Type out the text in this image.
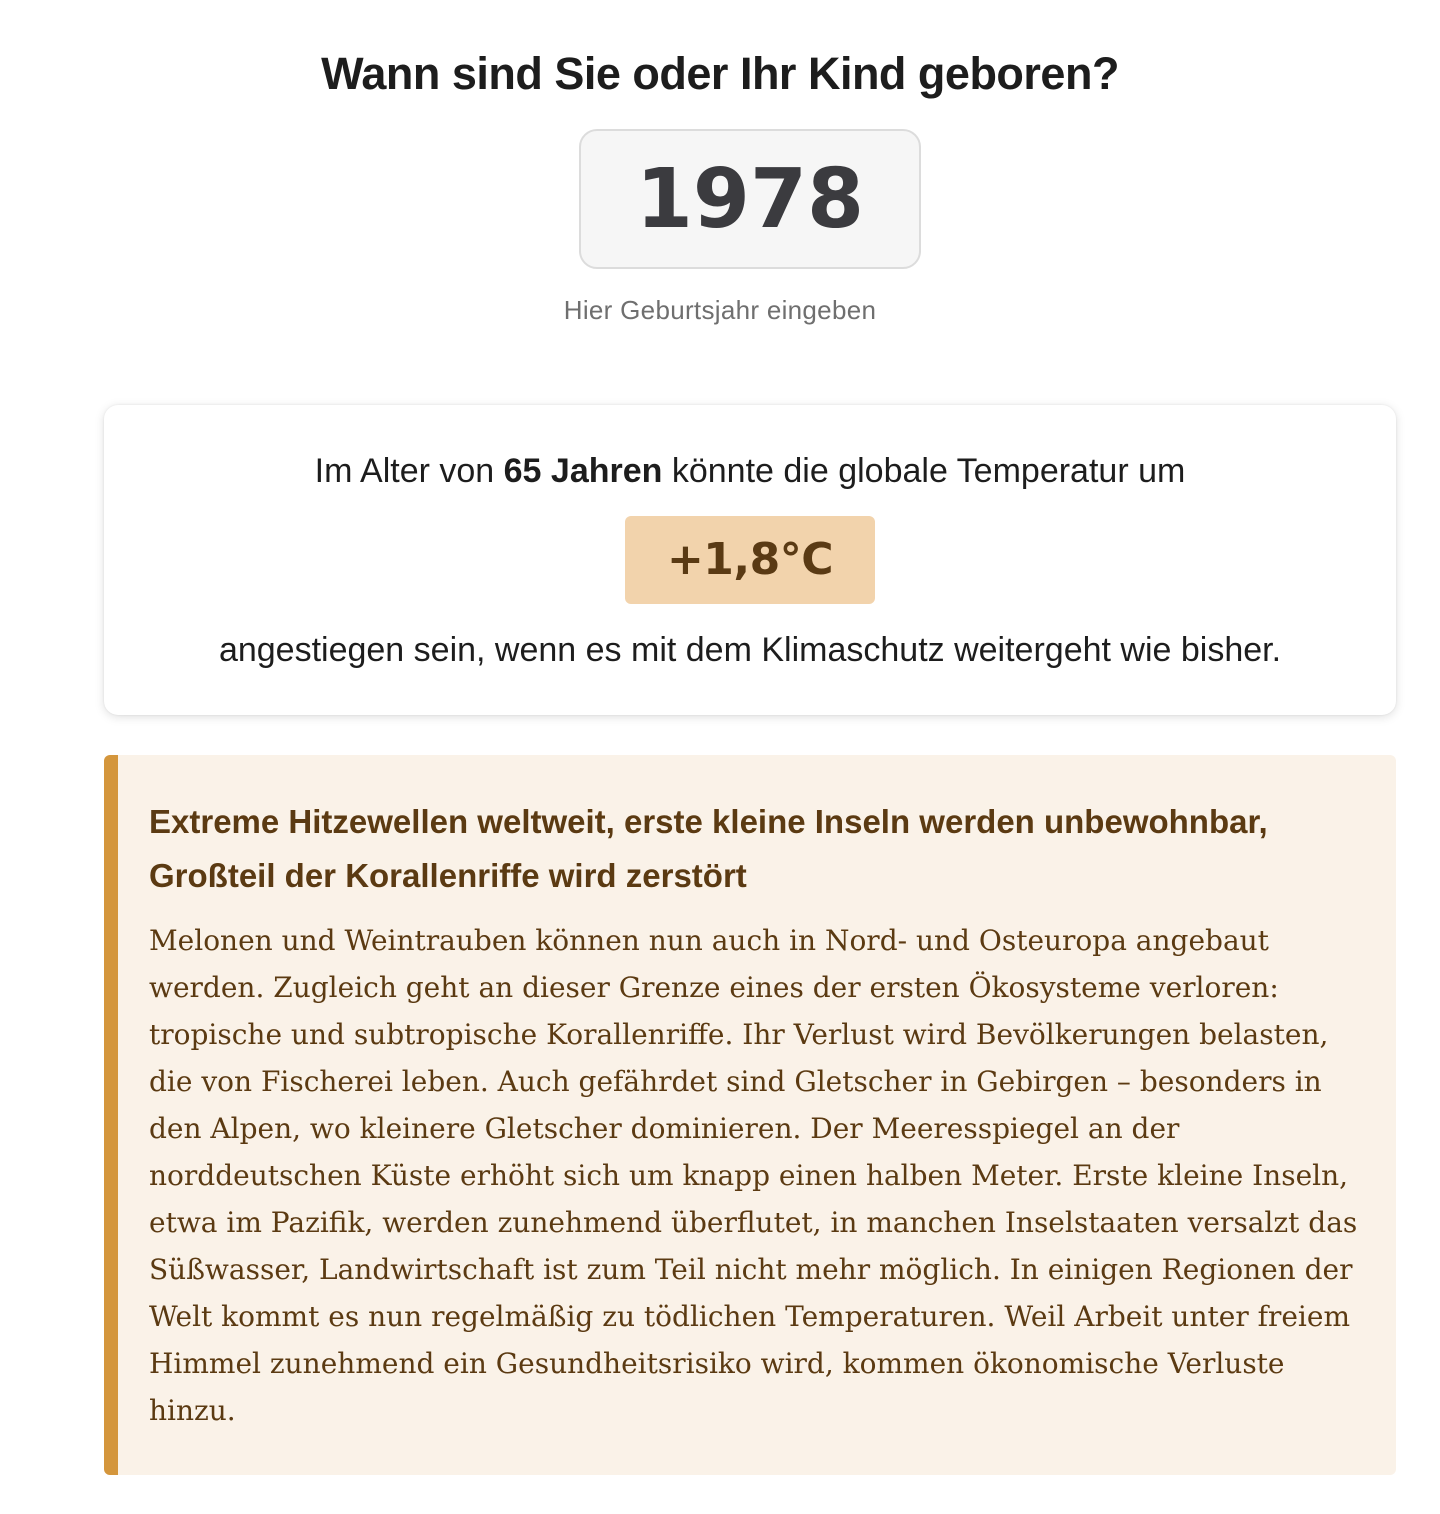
Wann sind Sie oder Ihr Kind geboren?
1978
Hier Geburtsjahr eingeben
Im Alter von 65 Jahren könnte die globale Temperatur um
+1,8°C
angestiegen sein, wenn es mit dem Klimaschutz weitergeht wie bisher.
Extreme Hitzewellen weltweit, erste kleine Inseln werden unbewohnbar, Großteil der Korallenriffe wird zerstört

Melonen und Weintrauben können nun auch in Nord- und Osteuropa angebaut werden. Zugleich geht an dieser Grenze eines der ersten Ökosysteme verloren: tropische und subtropische Korallenriffe. Ihr Verlust wird Bevölkerungen belasten, die von Fischerei leben. Auch gefährdet sind Gletscher in Gebirgen – besonders in den Alpen, wo kleinere Gletscher dominieren. Der Meeresspiegel an der norddeutschen Küste erhöht sich um knapp einen halben Meter. Erste kleine Inseln, etwa im Pazifik, werden zunehmend überflutet, in manchen Inselstaaten versalzt das Süßwasser, Landwirtschaft ist zum Teil nicht mehr möglich. In einigen Regionen der Welt kommt es nun regelmäßig zu tödlichen Temperaturen. Weil Arbeit unter freiem Himmel zunehmend ein Gesundheitsrisiko wird, kommen ökonomische Verluste hinzu.
